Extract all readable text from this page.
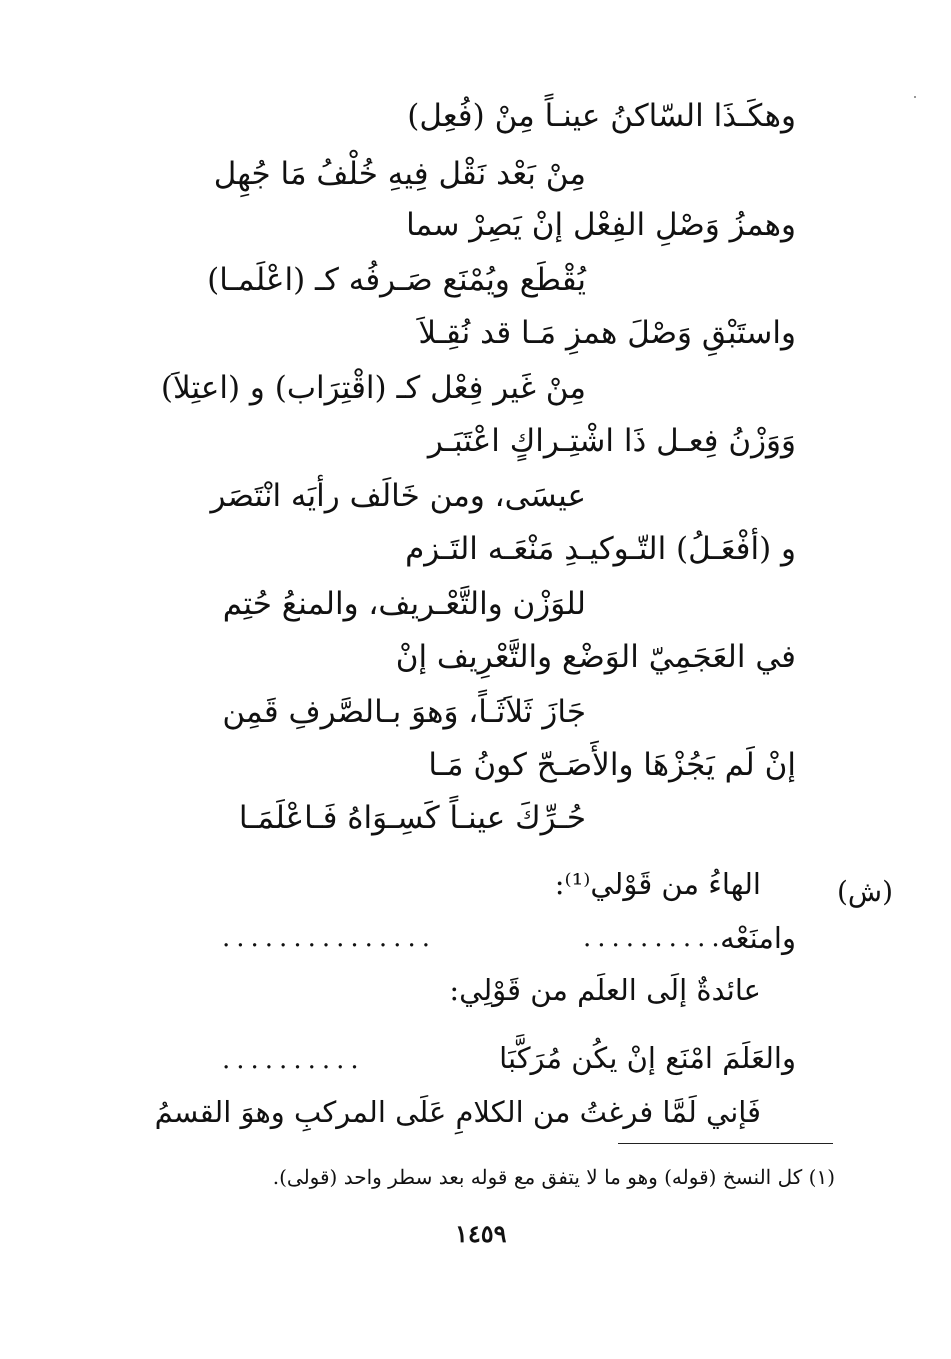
وهكَـذَا السّاكنُ عينـاً مِنْ (فُعِل)
مِنْ بَعْد نَقْل فِيهِ خُلْفُ مَا جُهِل
وهمزُ وَصْلِ الفِعْل إنْ يَصِرْ سما
يُقْطَع ويُمْنَع صَـرفُه كـ (اعْلَمـا)
واستَبْقِ وَصْلَ همزِ مَـا قد نُقِـلاَ
مِنْ غَير فِعْل كـ (اقْتِرَاب) و (اعتِلاَ)
وَوَزْنُ فِعـل ذَا اشْتِـراكٍ اعْتَبَـر
عيسَى، ومن خَالَف رأيَه انْتَصَر
و (أفْعَـلُ) التّـوكيـدِ مَنْعَـه التَـزم
للوَزْن والتَّعْـريف، والمنعُ حُتِم
في العَجَمِيّ الوَضْع والتَّعْرِيف إنْ
جَازَ ثَلاَثَـاً، وَهوَ بـالصَّرفِ قَمِن
إنْ لَم يَجُزْهَا والأَصَـحّ كونُ مَـا
حُـرِّكَ عينـاً كَسِـوَاهُ فَـاعْلَمَـا
(ش)
الهاءُ من قَوْلي⁽¹⁾:
وامنَعْه
..........
...............
عائدةٌ إلَى العلَم من قَوْلِي:
والعَلَمَ امْنَع إنْ يكُن مُرَكَّبَا
..........
فَإني لَمَّا فرغتُ من الكلامِ عَلَى المركبِ وهوَ القسمُ
(١) كل النسخ (قوله) وهو ما لا يتفق مع قوله بعد سطر واحد (قولى).
١٤٥٩
